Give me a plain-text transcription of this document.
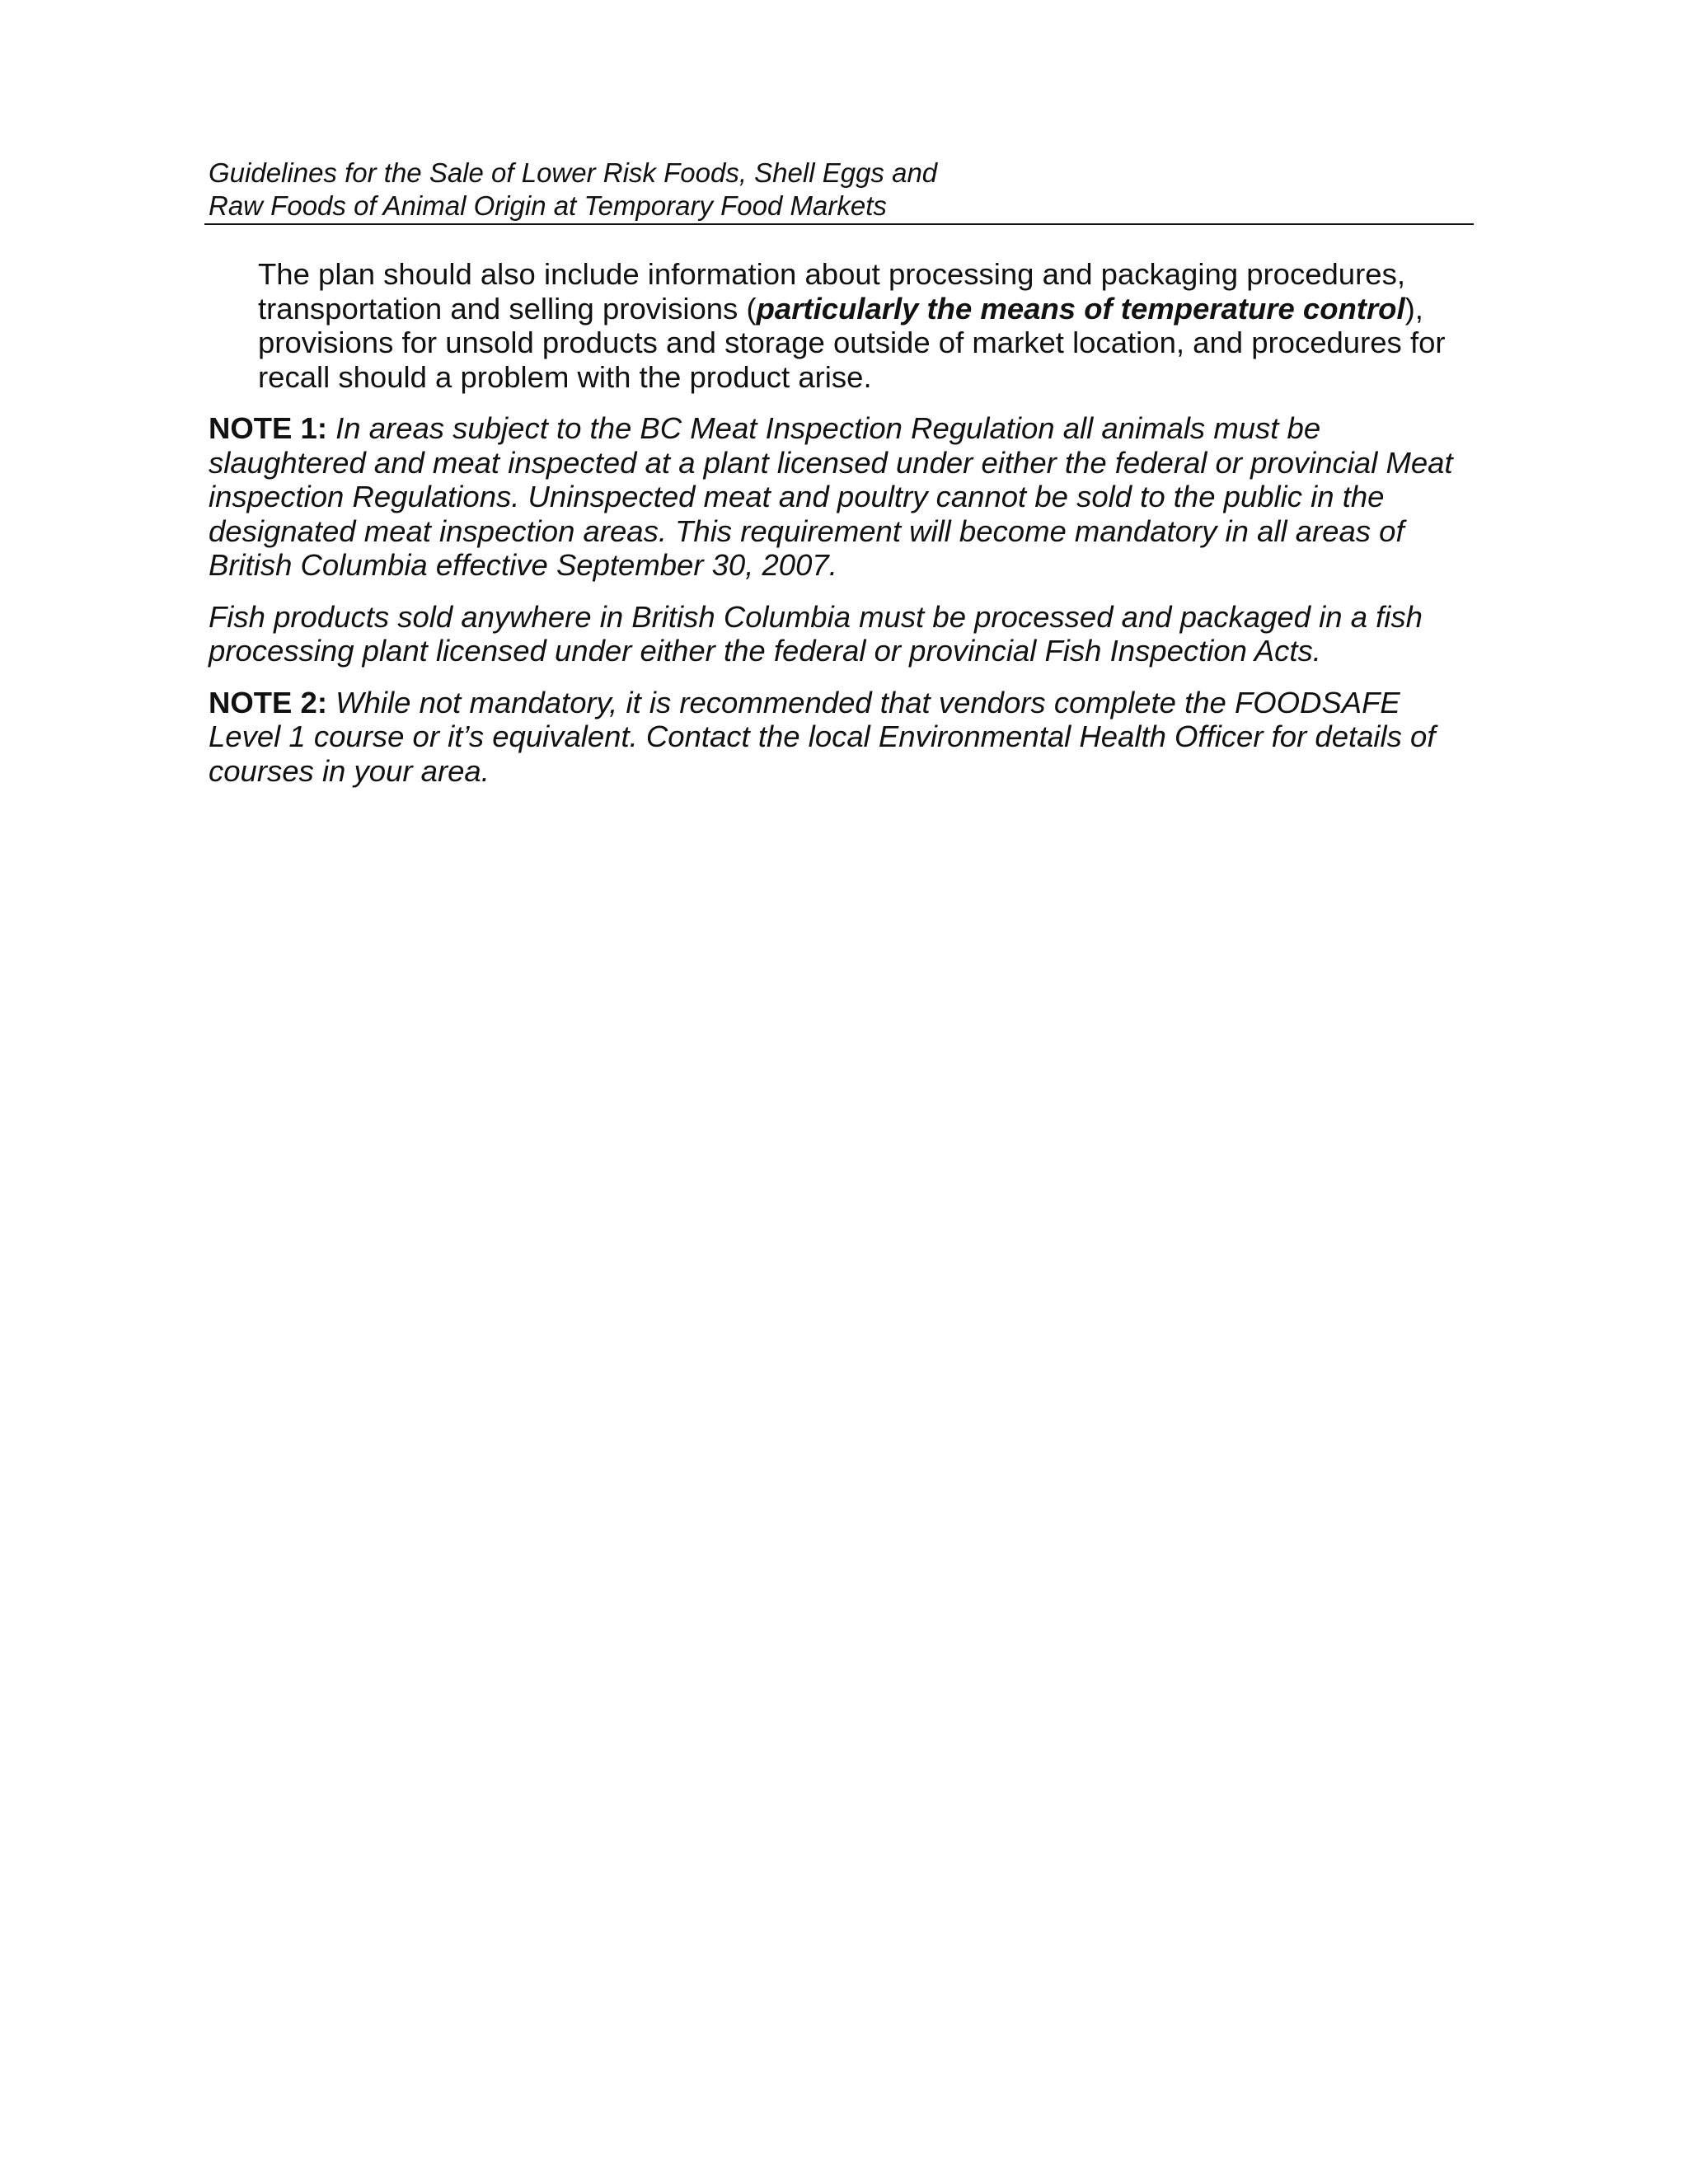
Guidelines for the Sale of Lower Risk Foods, Shell Eggs and
Raw Foods of Animal Origin at Temporary Food Markets

The plan should also include information about processing and packaging procedures, transportation and selling provisions (particularly the means of temperature control), provisions for unsold products and storage outside of market location, and procedures for recall should a problem with the product arise.

NOTE 1: In areas subject to the BC Meat Inspection Regulation all animals must be slaughtered and meat inspected at a plant licensed under either the federal or provincial Meat inspection Regulations. Uninspected meat and poultry cannot be sold to the public in the designated meat inspection areas. This requirement will become mandatory in all areas of British Columbia effective September 30, 2007.

Fish products sold anywhere in British Columbia must be processed and packaged in a fish processing plant licensed under either the federal or provincial Fish Inspection Acts.

NOTE 2: While not mandatory, it is recommended that vendors complete the FOODSAFE Level 1 course or it’s equivalent. Contact the local Environmental Health Officer for details of courses in your area.
